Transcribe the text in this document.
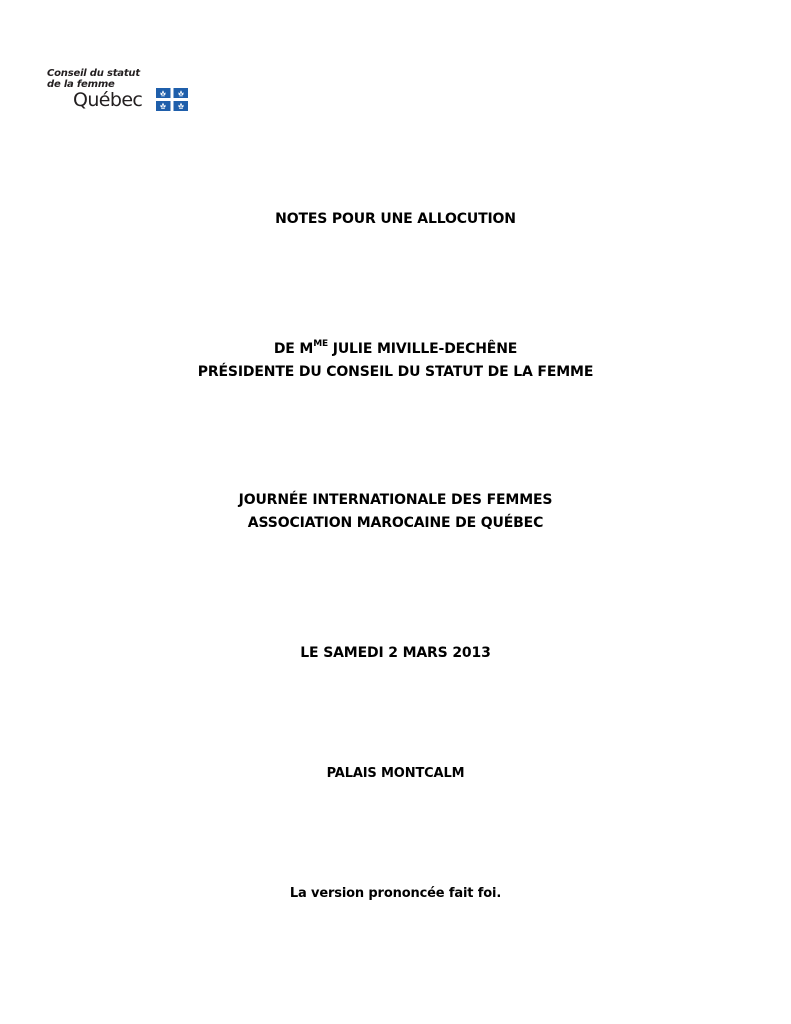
Conseil du statut
de la femme
Québec
NOTES POUR UNE ALLOCUTION
DE $M^{ME}$ JULIE MIVILLE-DECHÊNE
PRÉSIDENTE DU CONSEIL DU STATUT DE LA FEMME
JOURNÉE INTERNATIONALE DES FEMMES
ASSOCIATION MAROCAINE DE QUÉBEC
LE SAMEDI 2 MARS 2013
PALAIS MONTCALM
La version prononcée fait foi.
